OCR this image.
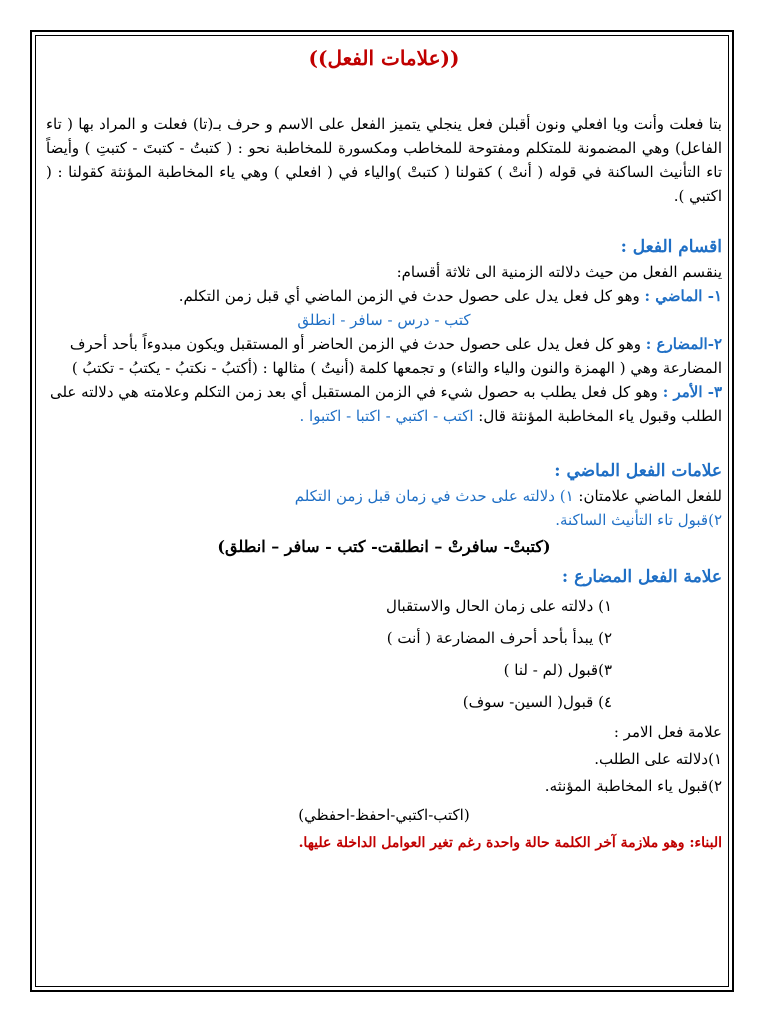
((علامات الفعل))

بتا فعلت وأنت ويا افعلي ونون أقبلن فعل ينجلي يتميز الفعل على الاسم و حرف بـ(تا) فعلت و المراد بها ( تاء الفاعل) وهي المضمونة للمتكلم ومفتوحة للمخاطب ومكسورة للمخاطبة نحو : ( كتبتُ - كتبتَ - كتبتِ ) وأيضاً تاء التأنيث الساكنة في قوله ( أنتْ ) كقولنا ( كتبتْ )والياء في ( افعلي ) وهي ياء المخاطبة المؤنثة كقولنا : ( اكتبي ).

اقسام الفعل :

ينقسم الفعل من حيث دلالته الزمنية الى ثلاثة أقسام:

١- الماضي : وهو كل فعل يدل على حصول حدث في الزمن الماضي أي قبل زمن التكلم.

كتب - درس - سافر - انطلق

٢-المضارع : وهو كل فعل يدل على حصول حدث في الزمن الحاضر أو المستقبل ويكون مبدوءاً بأحد أحرف المضارعة وهي ( الهمزة والنون والياء والتاء) و تجمعها كلمة (أنيتُ ) مثالها : (أكتبُ - نكتبُ - يكتبُ - تكتبُ )

٣- الأمر : وهو كل فعل يطلب به حصول شيء في الزمن المستقبل أي بعد زمن التكلم وعلامته هي دلالته على الطلب وقبول ياء المخاطبة المؤنثة قال: اكتب - اكتبي - اكتبا - اكتبوا .

علامات الفعل الماضي :

للفعل الماضي علامتان: ١) دلالته على حدث في زمان قبل زمن التكلم

٢)قبول تاء التأنيث الساكنة.

(كتبتْ- سافرتْ – انطلقت- كتب - سافر – انطلق)

علامة الفعل المضارع :

١) دلالته على زمان الحال والاستقبال
٢) يبدأ بأحد أحرف المضارعة ( أنت )
٣)قبول (لم - لنا )
٤) قبول( السين- سوف)

علامة فعل الامر :

١)دلالته على الطلب.
٢)قبول ياء المخاطبة المؤنثه.

(اكتب-اكتبي-احفظ-احفظي)

البناء: وهو ملازمة آخر الكلمة حالة واحدة رغم تغير العوامل الداخلة عليها.
